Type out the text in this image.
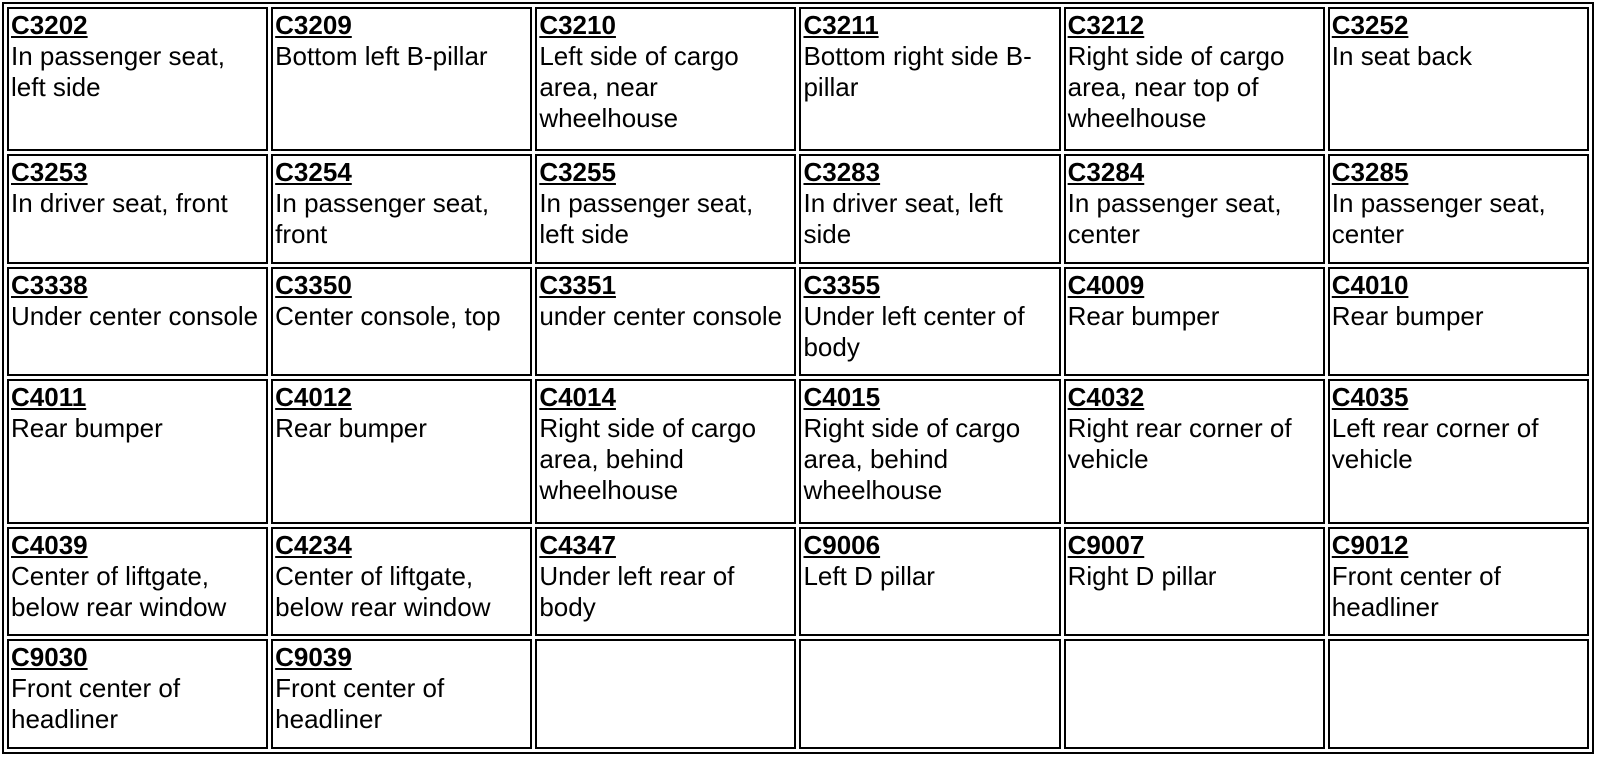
C3202
In passenger seat, left side	C3209
Bottom left B-pillar	C3210
Left side of cargo area, near wheelhouse	C3211
Bottom right side B-pillar	C3212
Right side of cargo area, near top of wheelhouse	C3252
In seat back

C3253
In driver seat, front	C3254
In passenger seat, front	C3255
In passenger seat, left side	C3283
In driver seat, left side	C3284
In passenger seat, center	C3285
In passenger seat, center

C3338
Under center console	C3350
Center console, top	C3351
under center console	C3355
Under left center of body	C4009
Rear bumper	C4010
Rear bumper

C4011
Rear bumper	C4012
Rear bumper	C4014
Right side of cargo area, behind wheelhouse	C4015
Right side of cargo area, behind wheelhouse	C4032
Right rear corner of vehicle	C4035
Left rear corner of vehicle

C4039
Center of liftgate, below rear window	C4234
Center of liftgate, below rear window	C4347
Under left rear of body	C9006
Left D pillar	C9007
Right D pillar	C9012
Front center of headliner

C9030
Front center of headliner	C9039
Front center of headliner				
